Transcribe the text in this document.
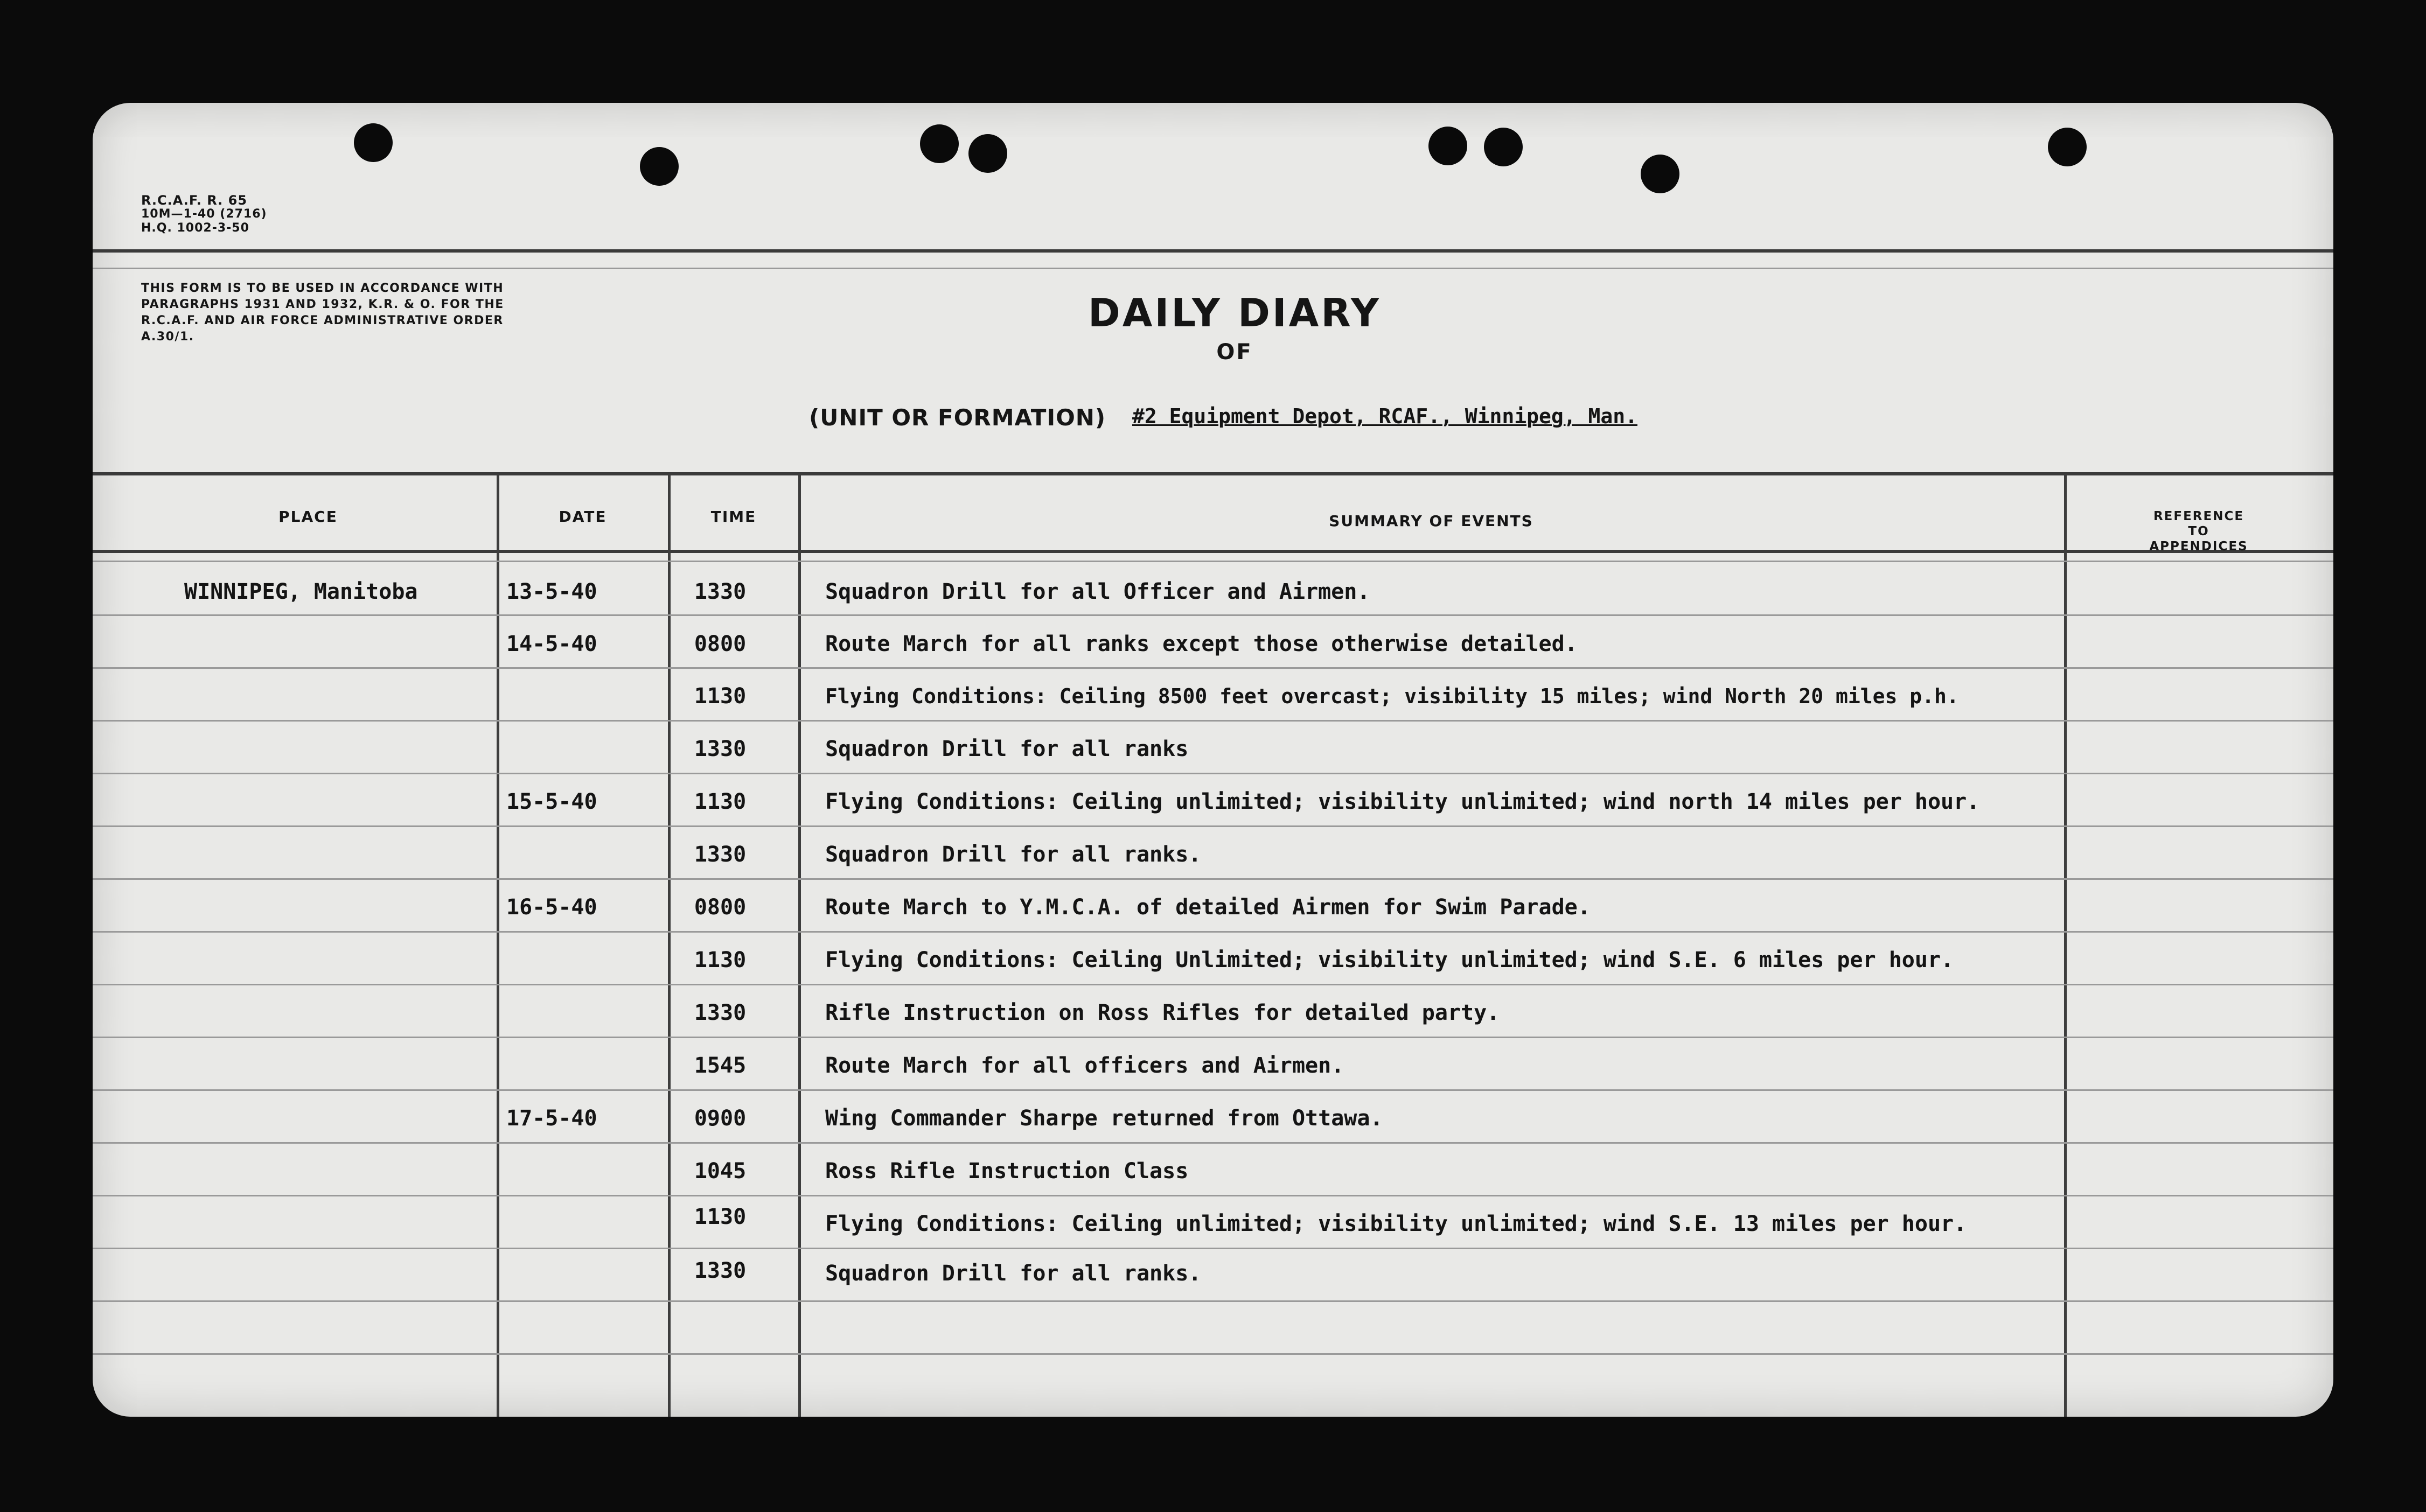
R.C.A.F. R. 65
10M—1-40 (2716)
H.Q. 1002-3-50
THIS FORM IS TO BE USED IN ACCORDANCE WITH PARAGRAPHS 1931 AND 1932, K.R. & O. FOR THE R.C.A.F. AND AIR FORCE ADMINISTRATIVE ORDER A.30/1.
DAILY DIARY
OF
(UNIT OR FORMATION) #2 Equipment Depot, RCAF., Winnipeg, Man.
PLACE	DATE	TIME	SUMMARY OF EVENTS	REFERENCE
TO
APPENDICES
WINNIPEG, Manitoba	13-5-40	1330	Squadron Drill for all Officer and Airmen.
14-5-40	0800	Route March for all ranks except those otherwise detailed.
1130	Flying Conditions: Ceiling 8500 feet overcast; visibility 15 miles; wind North 20 miles p.h.
1330	Squadron Drill for all ranks
15-5-40	1130	Flying Conditions: Ceiling unlimited; visibility unlimited; wind north 14 miles per hour.
1330	Squadron Drill for all ranks.
16-5-40	0800	Route March to Y.M.C.A. of detailed Airmen for Swim Parade.
1130	Flying Conditions: Ceiling Unlimited; visibility unlimited; wind S.E. 6 miles per hour.
1330	Rifle Instruction on Ross Rifles for detailed party.
1545	Route March for all officers and Airmen.
17-5-40	0900	Wing Commander Sharpe returned from Ottawa.
1045	Ross Rifle Instruction Class
1130	Flying Conditions: Ceiling unlimited; visibility unlimited; wind S.E. 13 miles per hour.
1330	Squadron Drill for all ranks.
